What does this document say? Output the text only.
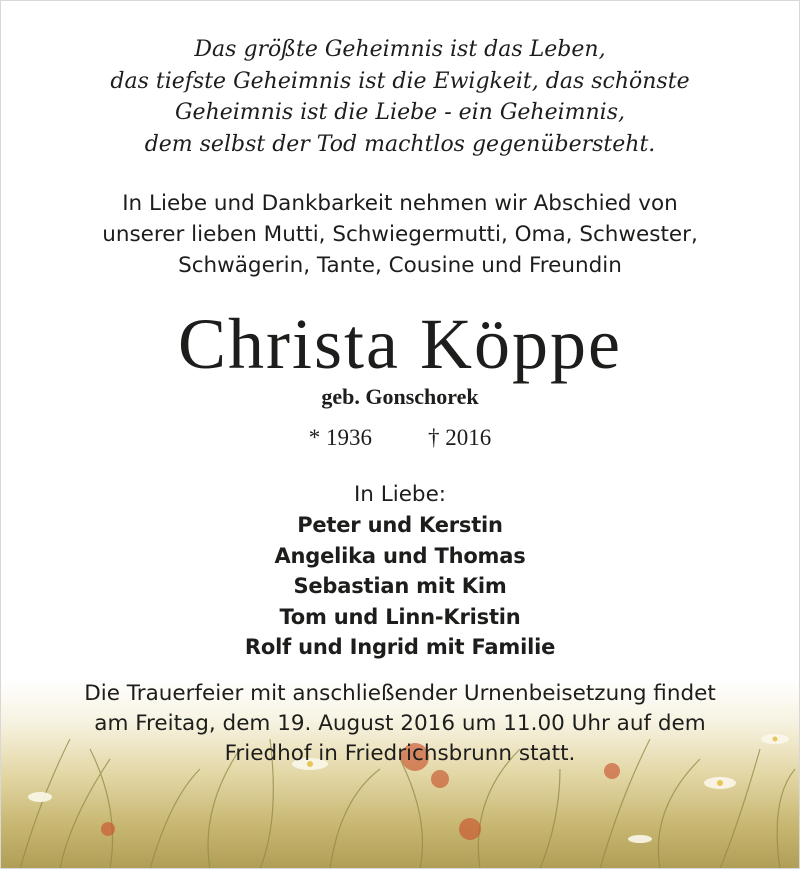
Das größte Geheimnis ist das Leben,
das tiefste Geheimnis ist die Ewigkeit, das schönste
Geheimnis ist die Liebe - ein Geheimnis,
dem selbst der Tod machtlos gegenübersteht.
In Liebe und Dankbarkeit nehmen wir Abschied von
unserer lieben Mutti, Schwiegermutti, Oma, Schwester,
Schwägerin, Tante, Cousine und Freundin
Christa Köppe
geb. Gonschorek
* 1936 † 2016
In Liebe:
Peter und Kerstin
Angelika und Thomas
Sebastian mit Kim
Tom und Linn-Kristin
Rolf und Ingrid mit Familie
Die Trauerfeier mit anschließender Urnenbeisetzung findet
am Freitag, dem 19. August 2016 um 11.00 Uhr auf dem
Friedhof in Friedrichsbrunn statt.
